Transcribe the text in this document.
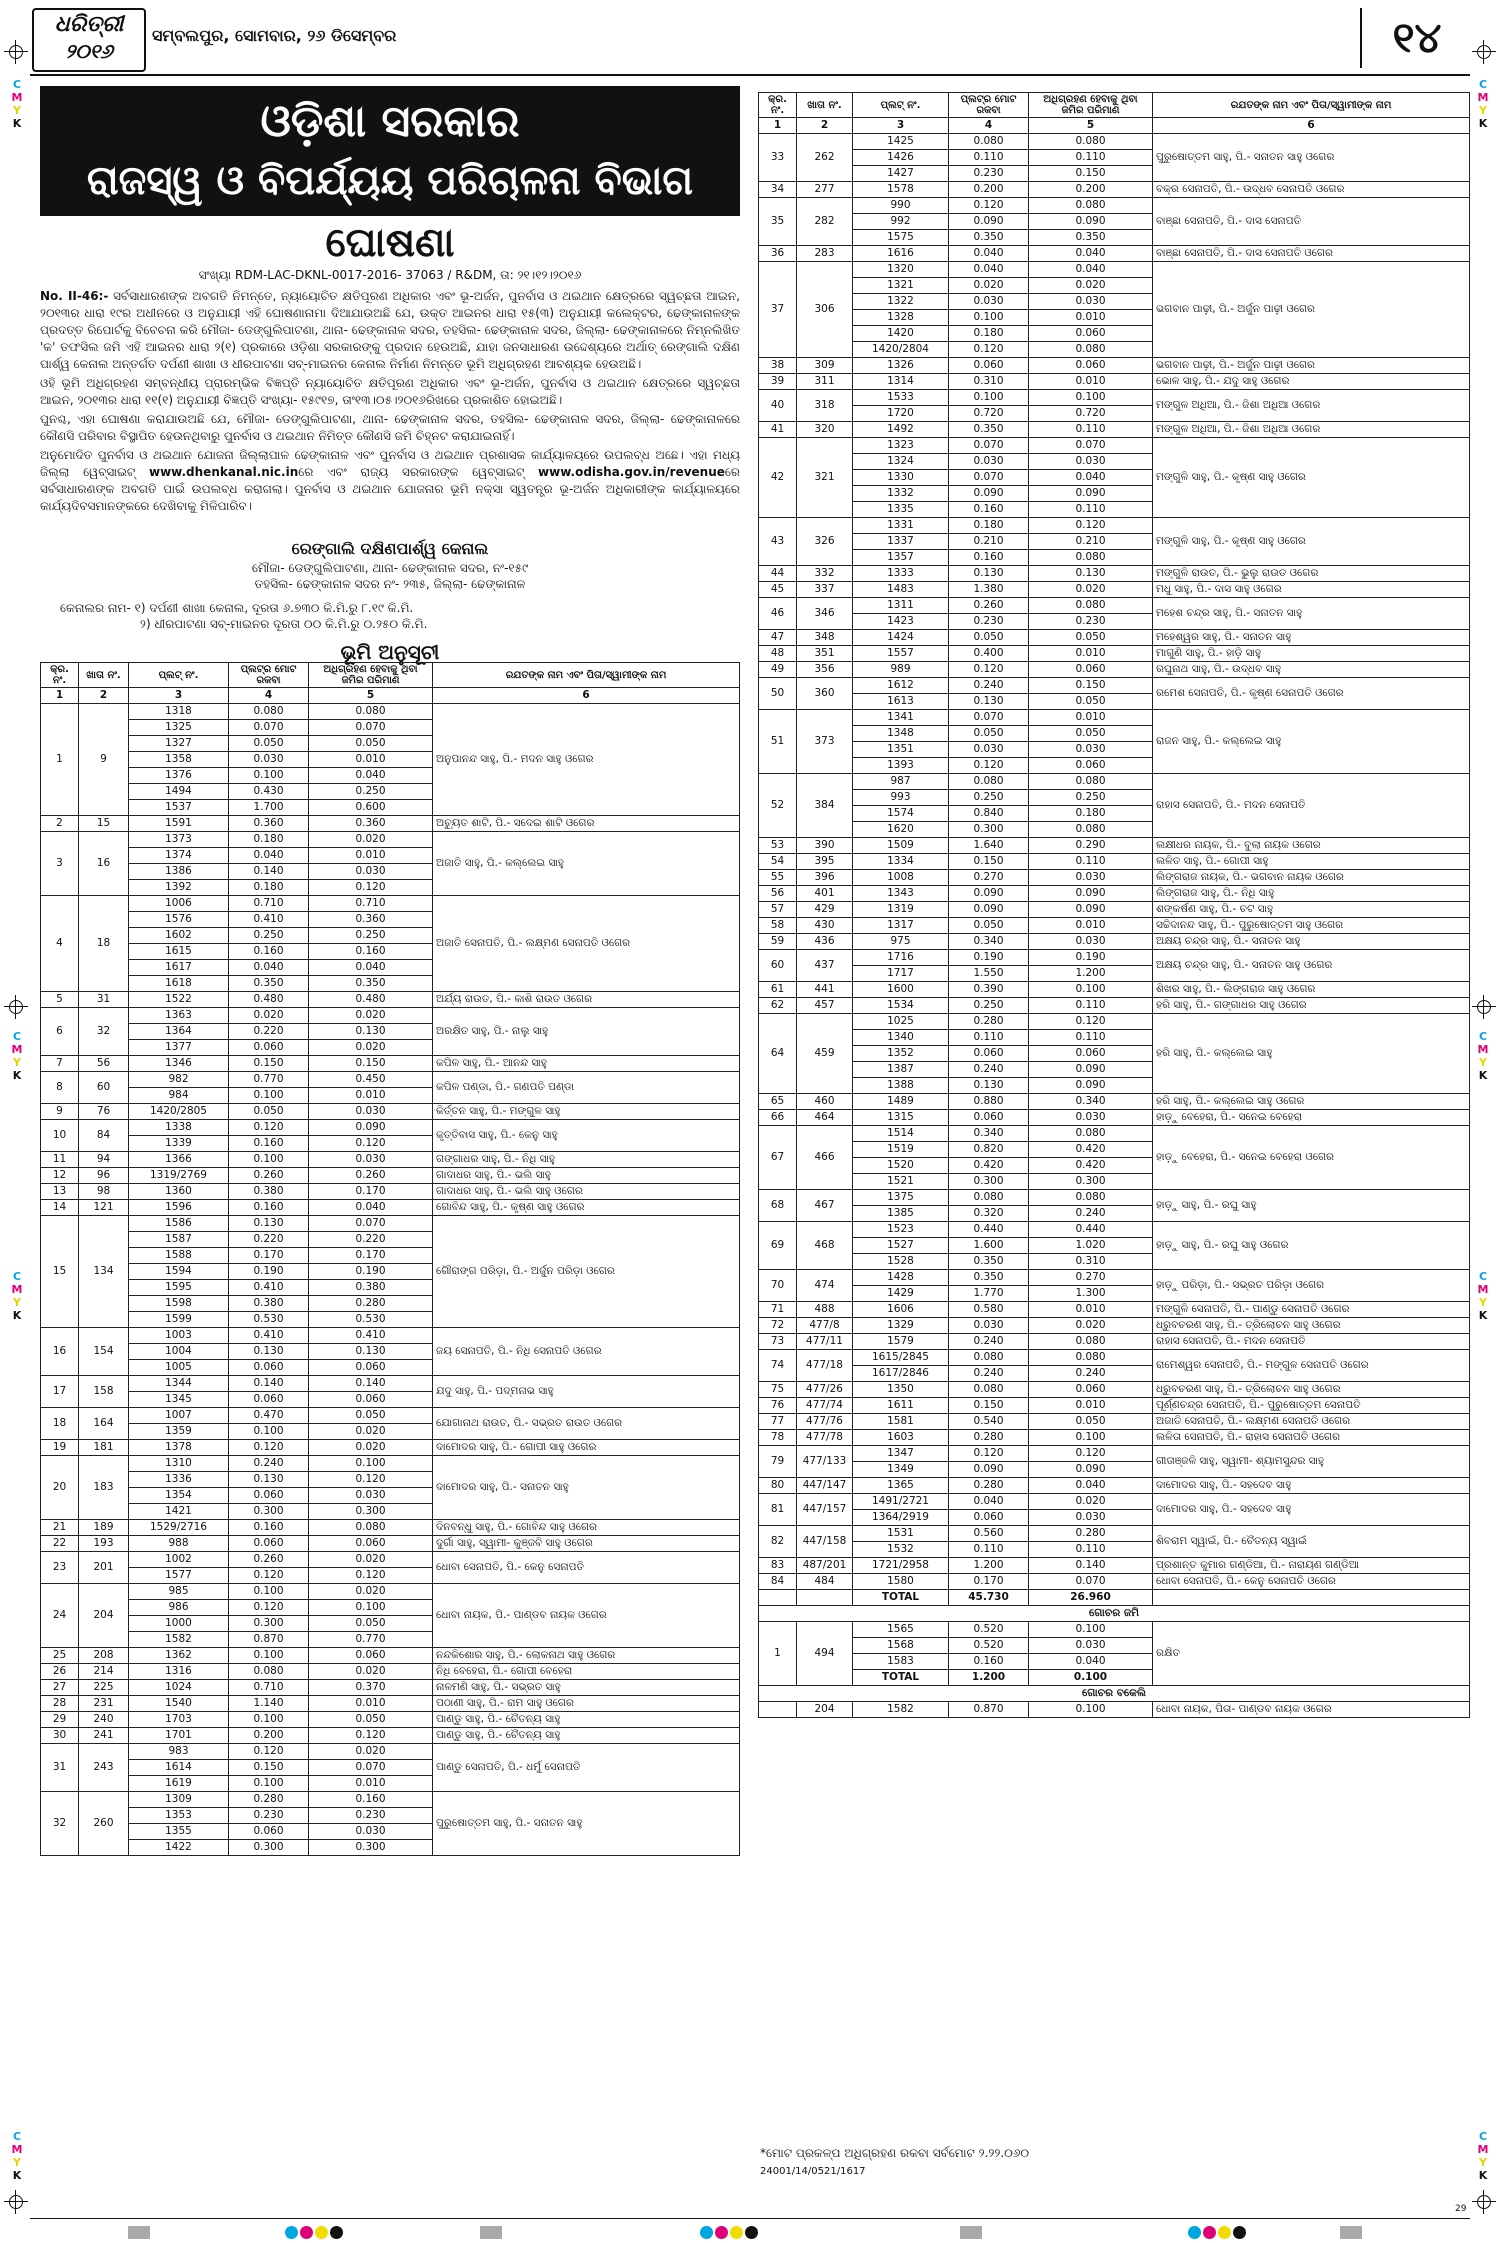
ଧରିତ୍ରୀ
୨୦୧୬
ସମ୍ବଲପୁର, ସୋମବାର, ୨୬ ଡିସେମ୍ବର	୧୪
C
M
Y
K
C
M
Y
K
C
M
Y
K
C
M
Y
K
C
M
Y
K
C
M
Y
K
C
M
Y
K
C
M
Y
K
ଓଡ଼ିଶା ସରକାର
ରାଜସ୍ୱ ଓ ବିପର୍ଯ୍ୟୟ ପରିଚାଳନା ବିଭାଗ
ଘୋଷଣା
ସଂଖ୍ୟା RDM-LAC-DKNL-0017-2016- 37063 / R&DM, ତା: ୨୧।୧୨।୨୦୧୬

No. II-46:- ସର୍ବସାଧାରଣଙ୍କ ଅବଗତି ନିମନ୍ତେ, ନ୍ୟାୟୋଚିତ କ୍ଷତିପୂରଣ ଅଧିକାର ଏବଂ ଭୂ-ଅର୍ଜନ, ପୁନର୍ବାସ ଓ ଥଇଥାନ କ୍ଷେତ୍ରରେ ସ୍ୱଚ୍ଛତା ଆଇନ, ୨୦୧୩ର ଧାରା ୧୯ର ଅଧୀନରେ ଓ ଅନୁଯାୟୀ ଏହି ଘୋଷଣାନାମା ଦିଆଯାଉଅଛି ଯେ, ଉକ୍ତ ଆଇନର ଧାରା ୧୫(୩) ଅନୁଯାୟୀ କଲେକ୍ଟର, ଢେଙ୍କାନାଳଙ୍କ ପ୍ରଦତ୍ତ ରିପୋର୍ଟକୁ ବିବେଚନା କରି ମୌଜା- ଡେଙ୍ଗୁଲିପାଟଣା, ଥାନା- ଢେଙ୍କାନାଳ ସଦର, ତହସିଲ- ଢେଙ୍କାନାଳ ସଦର, ଜିଲ୍ଲା- ଢେଙ୍କାନାଳରେ ନିମ୍ନଲିଖିତ 'କ' ତଫସିଲ ଜମି ଏହି ଆଇନର ଧାରା ୨(୧) ପ୍ରକାରେ ଓଡ଼ିଶା ସରକାରଙ୍କୁ ପ୍ରଦାନ ହେଉଅଛି, ଯାହା ଜନସାଧାରଣ ଉଦ୍ଦେଶ୍ୟରେ ଅର୍ଥାତ୍ ରେଙ୍ଗାଲି ଦକ୍ଷିଣ ପାର୍ଶ୍ୱ କେନାଲ ଅନ୍ତର୍ଗତ ଦର୍ପଣୀ ଶାଖା ଓ ଧୀରପାଟଣା ସବ୍-ମାଇନର କେନାଲ ନିର୍ମାଣ ନିମନ୍ତେ ଭୂମି ଅଧିଗ୍ରହଣ ଆବଶ୍ୟକ ହେଉଅଛି।

ଓହି ଭୂମି ଅଧିଗ୍ରହଣ ସମ୍ବନ୍ଧୀୟ ପ୍ରାରମ୍ଭିକ ବିଜ୍ଞପ୍ତି ନ୍ୟାୟୋଚିତ କ୍ଷତିପୂରଣ ଅଧିକାର ଏବଂ ଭୂ-ଅର୍ଜନ, ପୁନର୍ବାସ ଓ ଥଇଥାନ କ୍ଷେତ୍ରରେ ସ୍ୱଚ୍ଛତା ଆଇନ, ୨୦୧୩ର ଧାରା ୧୧(୧) ଅନୁଯାୟୀ ବିଜ୍ଞପ୍ତି ସଂଖ୍ୟା- ୧୫୯୧୭, ତାଂ୧୩।୦୫।୨୦୧୬ରିଖରେ ପ୍ରକାଶିତ ହୋଇଅଛି।

ପୁନଶ୍ଚ, ଏହା ଘୋଷଣା କରାଯାଉଅଛି ଯେ, ମୌଜା- ଡେଙ୍ଗୁଲିପାଟଣା, ଥାନା- ଢେଙ୍କାନାଳ ସଦର, ତହସିଲ- ଢେଙ୍କାନାଳ ସଦର, ଜିଲ୍ଲା- ଢେଙ୍କାନାଳରେ କୌଣସି ପରିବାର ବିସ୍ଥାପିତ ହେଉନଥିବାରୁ ପୁନର୍ବାସ ଓ ଥଇଥାନ ନିମିତ୍ତ କୌଣସି ଜମି ଚିହ୍ନଟ କରାଯାଇନାହିଁ।

ଅନୁମୋଦିତ ପୁନର୍ବାସ ଓ ଥଇଥାନ ଯୋଜନା ଜିଲ୍ଲାପାଳ ଢେଙ୍କାନାଳ ଏବଂ ପୁନର୍ବାସ ଓ ଥଇଥାନ ପ୍ରଶାସକ କାର୍ଯ୍ୟାଳୟରେ ଉପଲବ୍ଧ ଅଛେ। ଏହା ମଧ୍ୟ ଜିଲ୍ଲା ୱେବ୍‌ସାଇଟ୍ www.dhenkanal.nic.inରେ ଏବଂ ରାଜ୍ୟ ସରକାରଙ୍କ ୱେବ୍‌ସାଇଟ୍ www.odisha.gov.in/revenueରେ ସର୍ବସାଧାରଣଙ୍କ ଅବଗତି ପାଇଁ ଉପଲବ୍ଧ କରାଗଲା। ପୁନର୍ବାସ ଓ ଥଇଥାନ ଯୋଜନାର ଭୂମି ନକ୍ସା ସ୍ୱତନ୍ତ୍ର ଭୂ-ଅର୍ଜନ ଅଧିକାରୀଙ୍କ କାର୍ଯ୍ୟାଳୟରେ କାର୍ଯ୍ୟଦିବସମାନଙ୍କରେ ଦେଖିବାକୁ ମିଳିପାରିବ।

ରେଙ୍ଗାଲି ଦକ୍ଷିଣପାର୍ଶ୍ୱ କେନାଲ
ମୌଜା- ଡେଙ୍ଗୁଲିପାଟଣା, ଥାନା- ଢେଙ୍କାନାଳ ସଦର, ନଂ-୧୫୯
ତହସିଲ- ଢେଙ୍କାନାଳ ସଦର ନଂ- ୨୩୫, ଜିଲ୍ଲା- ଢେଙ୍କାନାଳ
କେନାଲର ନାମ- ୧) ଦର୍ପଣୀ ଶାଖା କେନାଲ, ଦୂରତା ୬.୭୩୦ କି.ମି.ରୁ ୮.୧୯ କି.ମି.
୨) ଧୀରପାଟଣା ସବ୍-ମାଇନର ଦୂରତା ୦୦ କି.ମି.ରୁ ୦.୨୫୦ କି.ମି.
ଭୂମି ଅନୁସୂଚୀ
କ୍ର. ନଂ.	ଖାତା ନଂ.	ପ୍ଲଟ୍ ନଂ.	ପ୍ଲଟ୍‌ର ମୋଟ ରକବା	ଅଧିଗ୍ରହଣ ହେବାକୁ ଥିବା ଜମିର ପରିମାଣ	ରଯତଙ୍କ ନାମ ଏବଂ ପିତା/ସ୍ୱାମୀଙ୍କ ନାମ
1	2	3	4	5	6
1	9	1318	0.080	0.080	ଅନୁପାନନ୍ଦ ସାହୁ, ପି.- ମଦନ ସାହୁ ଓଗେର
		1325	0.070	0.070	
		1327	0.050	0.050	
		1358	0.030	0.010	
		1376	0.100	0.040	
		1494	0.430	0.250	
		1537	1.700	0.600	
2	15	1591	0.360	0.360	ଅଚ୍ୟୁତ ଶାଟି, ପି.- ସଦେଇ ଶାଟି ଓଗେର
3	16	1373	0.180	0.020	ଅଜାତି ସାହୁ, ପି.- କଲ୍ଲେଇ ସାହୁ
		1374	0.040	0.010	
		1386	0.140	0.030	
		1392	0.180	0.120	
4	18	1006	0.710	0.710	ଅଜାତି ସେନାପତି, ପି.- ଲକ୍ଷ୍ମଣ ସେନାପତି ଓଗେର
		1576	0.410	0.360	
		1602	0.250	0.250	
		1615	0.160	0.160	
		1617	0.040	0.040	
		1618	0.350	0.350	
5	31	1522	0.480	0.480	ଅର୍ଯ୍ୟ ରାଉତ, ପି.- କାଶି ରାଉତ ଓଗେର
6	32	1363	0.020	0.020	ଅରକ୍ଷିତ ସାହୁ, ପି.- ନାଲୁ ସାହୁ
		1364	0.220	0.130	
		1377	0.060	0.020	
7	56	1346	0.150	0.150	କପିଳ ସାହୁ, ପି.- ଆନନ୍ଦ ସାହୁ
8	60	982	0.770	0.450	କପିଳ ପଣ୍ଡା, ପି.- ଗଣପତି ପଣ୍ଡା
		984	0.100	0.010	
9	76	1420/2805	0.050	0.030	କିର୍ତ୍ତନ ସାହୁ, ପି.- ମଙ୍ଗୁଳ ସାହୁ
10	84	1338	0.120	0.090	କୃତ୍ତିବାସ ସାହୁ, ପି.- କେନୁ ସାହୁ
		1339	0.160	0.120	
11	94	1366	0.100	0.030	ଗଙ୍ଗାଧର ସାହୁ, ପି.- ନିଧି ସାହୁ
12	96	1319/2769	0.260	0.260	ଗାଦାଧର ସାହୁ, ପି.- ଭଲି ସାହୁ
13	98	1360	0.380	0.170	ଗାଦାଧର ସାହୁ, ପି.- ଭଲି ସାହୁ ଓଗେର
14	121	1596	0.160	0.040	ଗୋବିନ୍ଦ ସାହୁ, ପି.- କୃଷ୍ଣ ସାହୁ ଓଗେର
15	134	1586	0.130	0.070	ଗୌରାଙ୍ଗ ପରିଡ଼ା, ପି.- ଅର୍ଜୁନ ପରିଡ଼ା ଓଗେର
		1587	0.220	0.220	
		1588	0.170	0.170	
		1594	0.190	0.190	
		1595	0.410	0.380	
		1598	0.380	0.280	
		1599	0.530	0.530	
16	154	1003	0.410	0.410	ଜୟ ସେନାପତି, ପି.- ନିଧି ସେନାପତି ଓଗେର
		1004	0.130	0.130	
		1005	0.060	0.060	
17	158	1344	0.140	0.140	ଯଦୁ ସାହୁ, ପି.- ପଦ୍ମନାଭ ସାହୁ
		1345	0.060	0.060	
18	164	1007	0.470	0.050	ଯୋଗାନାଥ ରାଉତ, ପି.- ସଭ୍ରତ ରାଉତ ଓଗେର
		1359	0.100	0.020	
19	181	1378	0.120	0.020	ଦାମୋଦର ସାହୁ, ପି.- ଗୋପୀ ସାହୁ ଓଗେର
20	183	1310	0.240	0.100	ଦାମୋଦର ସାହୁ, ପି.- ସନାତନ ସାହୁ
		1336	0.130	0.120	
		1354	0.060	0.030	
		1421	0.300	0.300	
21	189	1529/2716	0.160	0.080	ଦିନବନ୍ଧୁ ସାହୁ, ପି.- ଗୋବିନ୍ଦ ସାହୁ ଓଗେର
22	193	988	0.060	0.060	ଦୁର୍ଗା ସାହୁ, ସ୍ୱାମୀ- କୁଞ୍ଜବି ସାହୁ ଓଗେର
23	201	1002	0.260	0.020	ଧୋବା ସେନାପତି, ପି.- କେନୁ ସେନାପତି
		1577	0.120	0.120	
24	204	985	0.100	0.020	ଧୋବା ନାୟକ, ପି.- ପାଣ୍ଡବ ନାୟକ ଓଗେର
		986	0.120	0.100	
		1000	0.300	0.050	
		1582	0.870	0.770	
25	208	1362	0.100	0.060	ନନ୍ଦକିଶୋର ସାହୁ, ପି.- ଲୋକନାଥ ସାହୁ ଓଗେର
26	214	1316	0.080	0.020	ନିଧି ବେହେରା, ପି.- ଗୋପୀ ବେହେରା
27	225	1024	0.710	0.370	ନାଳମଣି ସାହୁ, ପି.- ସଭ୍ରତ ସାହୁ
28	231	1540	1.140	0.010	ପଠାଣୀ ସାହୁ, ପି.- ରାମ ସାହୁ ଓଗେର
29	240	1703	0.100	0.050	ପାଣ୍ଡୁ ସାହୁ, ପି.- ଚୈତନ୍ୟ ସାହୁ
30	241	1701	0.200	0.120	ପାଣ୍ଡୁ ସାହୁ, ପି.- ଚୈତନ୍ୟ ସାହୁ
31	243	983	0.120	0.020	ପାଣ୍ଡୁ ସେନାପତି, ପି.- ଧର୍ମୁ ସେନାପତି
		1614	0.150	0.070	
		1619	0.100	0.010	
32	260	1309	0.280	0.160	ପୁରୁଷୋତ୍ତମ ସାହୁ, ପି.- ସନାତନ ସାହୁ
		1353	0.230	0.230	
		1355	0.060	0.030	
		1422	0.300	0.300	
କ୍ର. ନଂ.	ଖାତା ନଂ.	ପ୍ଲଟ୍ ନଂ.	ପ୍ଲଟ୍‌ର ମୋଟ ରକବା	ଅଧିଗ୍ରହଣ ହେବାକୁ ଥିବା ଜମିର ପରିମାଣ	ରଯତଙ୍କ ନାମ ଏବଂ ପିତା/ସ୍ୱାମୀଙ୍କ ନାମ
1	2	3	4	5	6
33	262	1425	0.080	0.080	ପୁରୁଷୋତ୍ତମ ସାହୁ, ପି.- ସନାତନ ସାହୁ ଓଗେର
		1426	0.110	0.110	
		1427	0.230	0.150	
34	277	1578	0.200	0.200	ବକ୍ର ସେନାପତି, ପି.- ଉଦ୍ଧବ ସେନାପତି ଓଗେର
35	282	990	0.120	0.080	ବାଞ୍ଛା ସେନାପତି, ପି.- ଦାସ ସେନାପତି
		992	0.090	0.090	
		1575	0.350	0.350	
36	283	1616	0.040	0.040	ବାଞ୍ଛା ସେନାପତି, ପି.- ଦାସ ସେନାପତି ଓଗେର
37	306	1320	0.040	0.040	ଭଗବାନ ପାଢ଼ୀ, ପି.- ଅର୍ଜୁନ ପାଢ଼ୀ ଓଗେର
		1321	0.020	0.020	
		1322	0.030	0.030	
		1328	0.100	0.010	
		1420	0.180	0.060	
		1420/2804	0.120	0.080	
38	309	1326	0.060	0.060	ଭଗବାନ ପାଢ଼ୀ, ପି.- ଅର୍ଜୁନ ପାଢ଼ୀ ଓଗେର
39	311	1314	0.310	0.010	ଭୋଳ ସାହୁ, ପି.- ଯଦୁ ସାହୁ ଓଗେର
40	318	1533	0.100	0.100	ମଙ୍ଗୁଳ ଅଧିଆ, ପି.- ଜିଶା ଅଧିଆ ଓଗେର
		1720	0.720	0.720	
41	320	1492	0.350	0.110	ମଙ୍ଗୁଳ ଅଧିଆ, ପି.- ଜିଶା ଅଧିଆ ଓଗେର
42	321	1323	0.070	0.070	ମଙ୍ଗୁଳି ସାହୁ, ପି.- କୃଷ୍ଣ ସାହୁ ଓଗେର
		1324	0.030	0.030	
		1330	0.070	0.040	
		1332	0.090	0.090	
		1335	0.160	0.110	
43	326	1331	0.180	0.120	ମଙ୍ଗୁଳି ସାହୁ, ପି.- କୃଷ୍ଣ ସାହୁ ଓଗେର
		1337	0.210	0.210	
		1357	0.160	0.080	
44	332	1333	0.130	0.130	ମଙ୍ଗୁଳି ରାଉତ, ପି.- ଭୁଲୁ ରାଉତ ଓଗେର
45	337	1483	1.380	0.020	ମଧୁ ସାହୁ, ପି.- ଦାସ ସାହୁ ଓଗେର
46	346	1311	0.260	0.080	ମହେଶ ଚନ୍ଦ୍ର ସାହୁ, ପି.- ସନାତନ ସାହୁ
		1423	0.230	0.230	
47	348	1424	0.050	0.050	ମହେଶ୍ୱର ସାହୁ, ପି.- ସନାତନ ସାହୁ
48	351	1557	0.400	0.010	ମାଗୁଣି ସାହୁ, ପି.- ହାଡ଼ି ସାହୁ
49	356	989	0.120	0.060	ରଘୁନାଥ ସାହୁ, ପି.- ଉଦ୍ଧବ ସାହୁ
50	360	1612	0.240	0.150	ରମେଶ ସେନାପତି, ପି.- କୃଷ୍ଣ ସେନାପତି ଓଗେର
		1613	0.130	0.050	
51	373	1341	0.070	0.010	ରାଜନ ସାହୁ, ପି.- କଲ୍ଲେଇ ସାହୁ
		1348	0.050	0.050	
		1351	0.030	0.030	
		1393	0.120	0.060	
52	384	987	0.080	0.080	ରାହାସ ସେନାପତି, ପି.- ମଦନ ସେନାପତି
		993	0.250	0.250	
		1574	0.840	0.180	
		1620	0.300	0.080	
53	390	1509	1.640	0.290	ଲକ୍ଷୀଧର ନାୟକ, ପି.- ବୁଲା ନାୟକ ଓଗେର
54	395	1334	0.150	0.110	ଲଳିତ ସାହୁ, ପି.- ଗୋପୀ ସାହୁ
55	396	1008	0.270	0.030	ଲିଙ୍ଗରାଜ ନାୟକ, ପି.- ଭଗବାନ ନାୟକ ଓଗେର
56	401	1343	0.090	0.090	ଲିଙ୍ଗରାଜ ସାହୁ, ପି.- ନିଧି ସାହୁ
57	429	1319	0.090	0.090	ଶଙ୍କର୍ଷଣ ସାହୁ, ପି.- ଚଟ ସାହୁ
58	430	1317	0.050	0.010	ସଚ୍ଚିଦାନନ୍ଦ ସାହୁ, ପି.- ପୁରୁଷୋତ୍ତମ ସାହୁ ଓଗେର
59	436	975	0.340	0.030	ଅକ୍ଷୟ ଚନ୍ଦ୍ର ସାହୁ, ପି.- ସନାତନ ସାହୁ
60	437	1716	0.190	0.190	ଅକ୍ଷୟ ଚନ୍ଦ୍ର ସାହୁ, ପି.- ସନାତନ ସାହୁ ଓଗେର
		1717	1.550	1.200	
61	441	1600	0.390	0.100	ଶିଖର ସାହୁ, ପି.- ଲିଙ୍ଗରାଜ ସାହୁ ଓଗେର
62	457	1534	0.250	0.110	ହରି ସାହୁ, ପି.- ଗଙ୍ଗାଧର ସାହୁ ଓଗେର
64	459	1025	0.280	0.120	ହରି ସାହୁ, ପି.- କଲ୍ଲେଇ ସାହୁ
		1340	0.110	0.110	
		1352	0.060	0.060	
		1387	0.240	0.090	
		1388	0.130	0.090	
65	460	1489	0.880	0.340	ହରି ସାହୁ, ପି.- କଲ୍ଲେଇ ସାହୁ ଓଗେର
66	464	1315	0.060	0.030	ହାଡ଼ୁ ବେହେରା, ପି.- ସନେଇ ବେହେରା
67	466	1514	0.340	0.080	ହାଡ଼ୁ ବେହେରା, ପି.- ସନେଇ ବେହେରା ଓଗେର
		1519	0.820	0.420	
		1520	0.420	0.420	
		1521	0.300	0.300	
68	467	1375	0.080	0.080	ହାଡ଼ୁ ସାହୁ, ପି.- ରଘୁ ସାହୁ
		1385	0.320	0.240	
69	468	1523	0.440	0.440	ହାଡ଼ୁ ସାହୁ, ପି.- ରଘୁ ସାହୁ ଓଗେର
		1527	1.600	1.020	
		1528	0.350	0.310	
70	474	1428	0.350	0.270	ହାଡ଼ୁ ପରିଡ଼ା, ପି.- ସଭ୍ରତ ପରିଡ଼ା ଓଗେର
		1429	1.770	1.300	
71	488	1606	0.580	0.010	ମଙ୍ଗୁଳି ସେନାପତି, ପି.- ପାଣ୍ଡୁ ସେନାପତି ଓଗେର
72	477/8	1329	0.030	0.020	ଧ୍ରୁବଚରଣ ସାହୁ, ପି.- ତ୍ରିଲୋଚନ ସାହୁ ଓଗେର
73	477/11	1579	0.240	0.080	ରାହାସ ସେନାପତି, ପି.- ମଦନ ସେନାପତି
74	477/18	1615/2845	0.080	0.080	ରାମେଶ୍ୱର ସେନାପତି, ପି.- ମଙ୍ଗୁଳ ସେନାପତି ଓଗେର
		1617/2846	0.240	0.240	
75	477/26	1350	0.080	0.060	ଧ୍ରୁବଚରଣ ସାହୁ, ପି.- ତ୍ରିଲୋଚନ ସାହୁ ଓଗେର
76	477/74	1611	0.150	0.010	ପୂର୍ଣ୍ଣଚନ୍ଦ୍ର ସେନାପତି, ପି.- ପୁରୁଷୋତ୍ତମ ସେନାପତି
77	477/76	1581	0.540	0.050	ଅଜାତି ସେନାପତି, ପି.- ଲକ୍ଷ୍ମଣ ସେନାପତି ଓଗେର
78	477/78	1603	0.280	0.100	ଲଳିତା ସେନାପତି, ପି.- ରାହାସ ସେନାପତି ଓଗେର
79	477/133	1347	0.120	0.120	ଗୀତାଞ୍ଜଳି ସାହୁ, ସ୍ୱାମୀ- ଶ୍ୟାମସୁନ୍ଦର ସାହୁ
		1349	0.090	0.090	
80	447/147	1365	0.280	0.040	ଦାମୋଦର ସାହୁ, ପି.- ସହଦେବ ସାହୁ
81	447/157	1491/2721	0.040	0.020	ଦାମୋଦର ସାହୁ, ପି.- ସହଦେବ ସାହୁ
		1364/2919	0.060	0.030	
82	447/158	1531	0.560	0.280	ଶିବରାମ ସ୍ୱାଇଁ, ପି.- ଚୈତନ୍ୟ ସ୍ୱାଇଁ
		1532	0.110	0.110	
83	487/201	1721/2958	1.200	0.140	ପ୍ରଶାନ୍ତ କୁମାର ଗଣ୍ଡିଆ, ପି.- ନାରାୟଣ ଗଣ୍ଡିଆ
84	484	1580	0.170	0.070	ଧୋବା ସେନାପତି, ପି.- କେନୁ ସେନାପତି ଓଗେର
		TOTAL	45.730	26.960	
ଗୋଚର ଜମି					
1	494	1565	0.520	0.100	ରକ୍ଷିତ
		1568	0.520	0.030	
		1583	0.160	0.040	
		TOTAL	1.200	0.100	
ଗୋଚର ବକେଲି					
	204	1582	0.870	0.100	ଧୋବା ନାୟକ, ପିତା- ପାଣ୍ଡବ ନାୟକ ଓଗେର
*ମୋଟ ପ୍ରକଳ୍ପ ଅଧିଗ୍ରହଣ ରକବା ସର୍ବମୋଟ ୨.୨୨.୦୬୦
24001/14/0521/1617
29
